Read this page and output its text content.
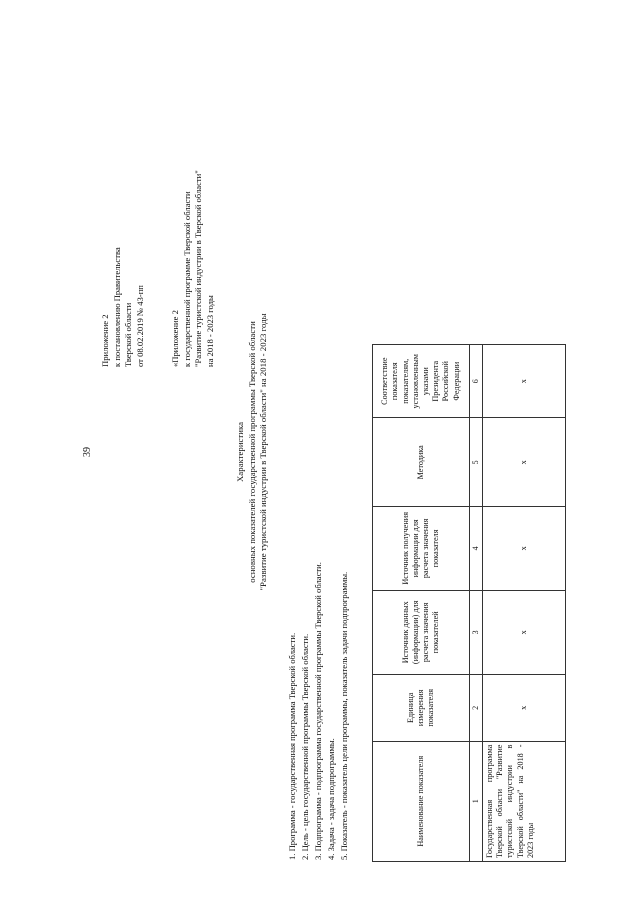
39
Приложение 2 к постановлению Правительства Тверской области от 08.02.2019 № 43-пп	«Приложение 2 к государственной программе Тверской области "Развитие туристской индустрии в Тверской области" на 2018 - 2023 годы
Характеристика основных показателей государственной программы Тверской области "Развитие туристской индустрии в Тверской области" на 2018 - 2023 годы
1. Программа - государственная программа Тверской области. 2. Цель - цель государственной программы Тверской области. 3. Подпрограмма - подпрограмма государственной программы Тверской области. 4. Задача - задача подпрограммы. 5. Показатель - показатель цели программы, показатель задачи подпрограммы.	Наименование показателя	Единица измерения показателя	Источник данных (информации) для расчета значения показателей	Источник получения информации для расчета значения показателя	Методика	Соответствие показателя показателям, установленным указами Президента Российской Федерации
1	2	3	4	5	6
Государственная программа Тверской области "Развитие туристской индустрии в Тверской области" на 2018 - 2023 годы	x	x	x	x	x
